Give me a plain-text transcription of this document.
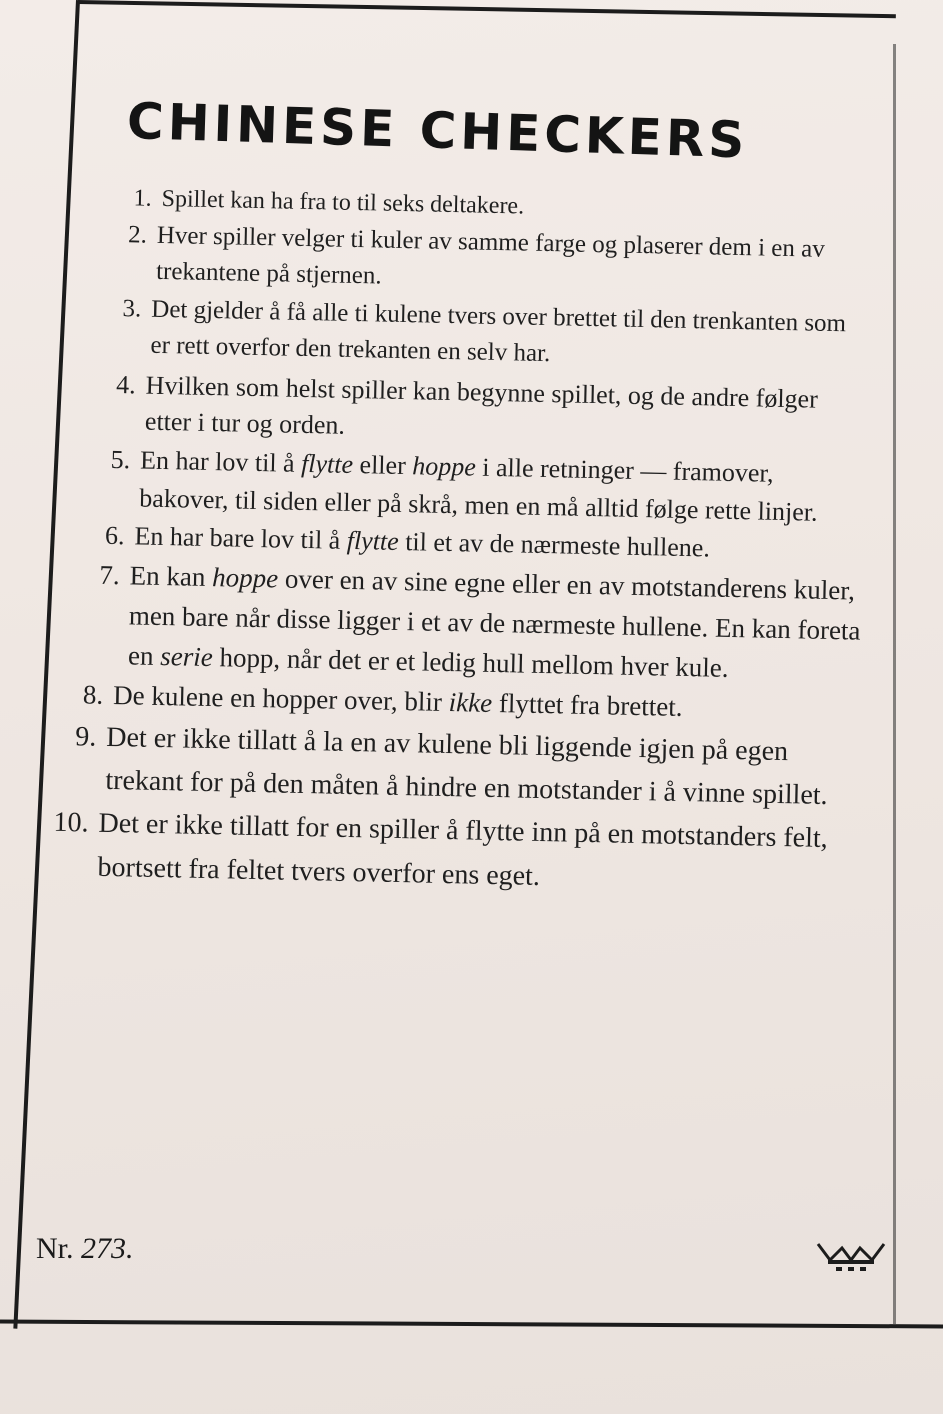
CHINESE CHECKERS
1. Spillet kan ha fra to til seks deltakere.
2. Hver spiller velger ti kuler av samme farge og plaserer dem i en av trekantene på stjernen.
3. Det gjelder å få alle ti kulene tvers over brettet til den trenkanten som er rett overfor den trekanten en selv har.
4. Hvilken som helst spiller kan begynne spillet, og de andre følger etter i tur og orden.
5. En har lov til å flytte eller hoppe i alle retninger — framover, bakover, til siden eller på skrå, men en må alltid følge rette linjer.
6. En har bare lov til å flytte til et av de nærmeste hullene.
7. En kan hoppe over en av sine egne eller en av motstanderens kuler, men bare når disse ligger i et av de nærmeste hullene. En kan foreta en serie hopp, når det er et ledig hull mellom hver kule.
8. De kulene en hopper over, blir ikke flyttet fra brettet.
9. Det er ikke tillatt å la en av kulene bli liggende igjen på egen trekant for på den måten å hindre en motstander i å vinne spillet.
10. Det er ikke tillatt for en spiller å flytte inn på en motstanders felt, bortsett fra feltet tvers overfor ens eget.
Nr. 273.
